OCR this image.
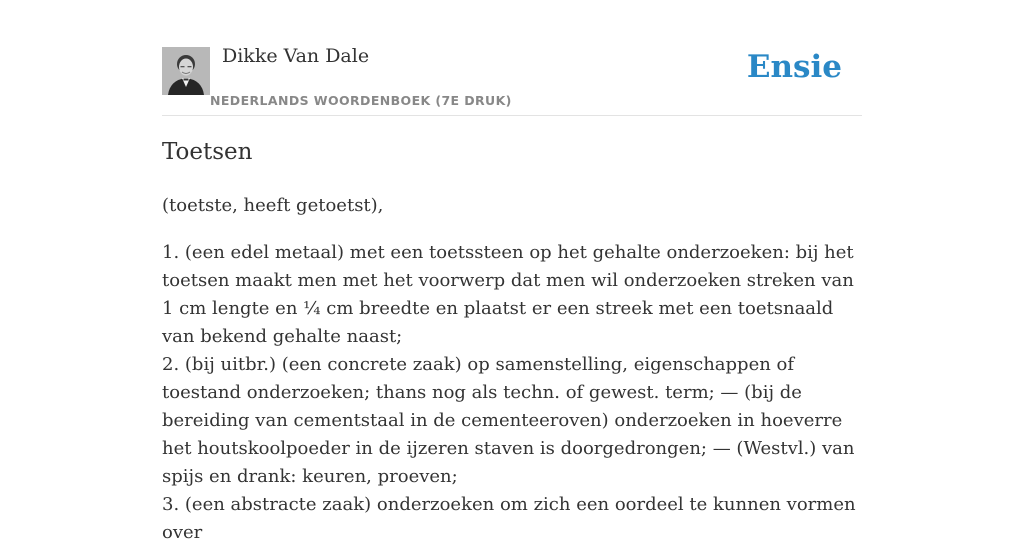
Dikke Van Dale
NEDERLANDS WOORDENBOEK (7E DRUK)
Ensie
Toetsen
(toetste, heeft getoetst),

1. (een edel metaal) met een toetssteen op het gehalte onderzoeken: bij het toetsen maakt men met het voorwerp dat men wil onderzoeken streken van 1 cm lengte en ¼ cm breedte en plaatst er een streek met een toetsnaald van bekend gehalte naast;

2. (bij uitbr.) (een concrete zaak) op samenstelling, eigenschappen of toestand onderzoeken; thans nog als techn. of gewest. term; — (bij de bereiding van cementstaal in de cementeeroven) onderzoeken in hoeverre het houtskoolpoeder in de ijzeren staven is doorgedrongen; — (Westvl.) van spijs en drank: keuren, proeven;

3. (een abstracte zaak) onderzoeken om zich een oordeel te kunnen vormen over
